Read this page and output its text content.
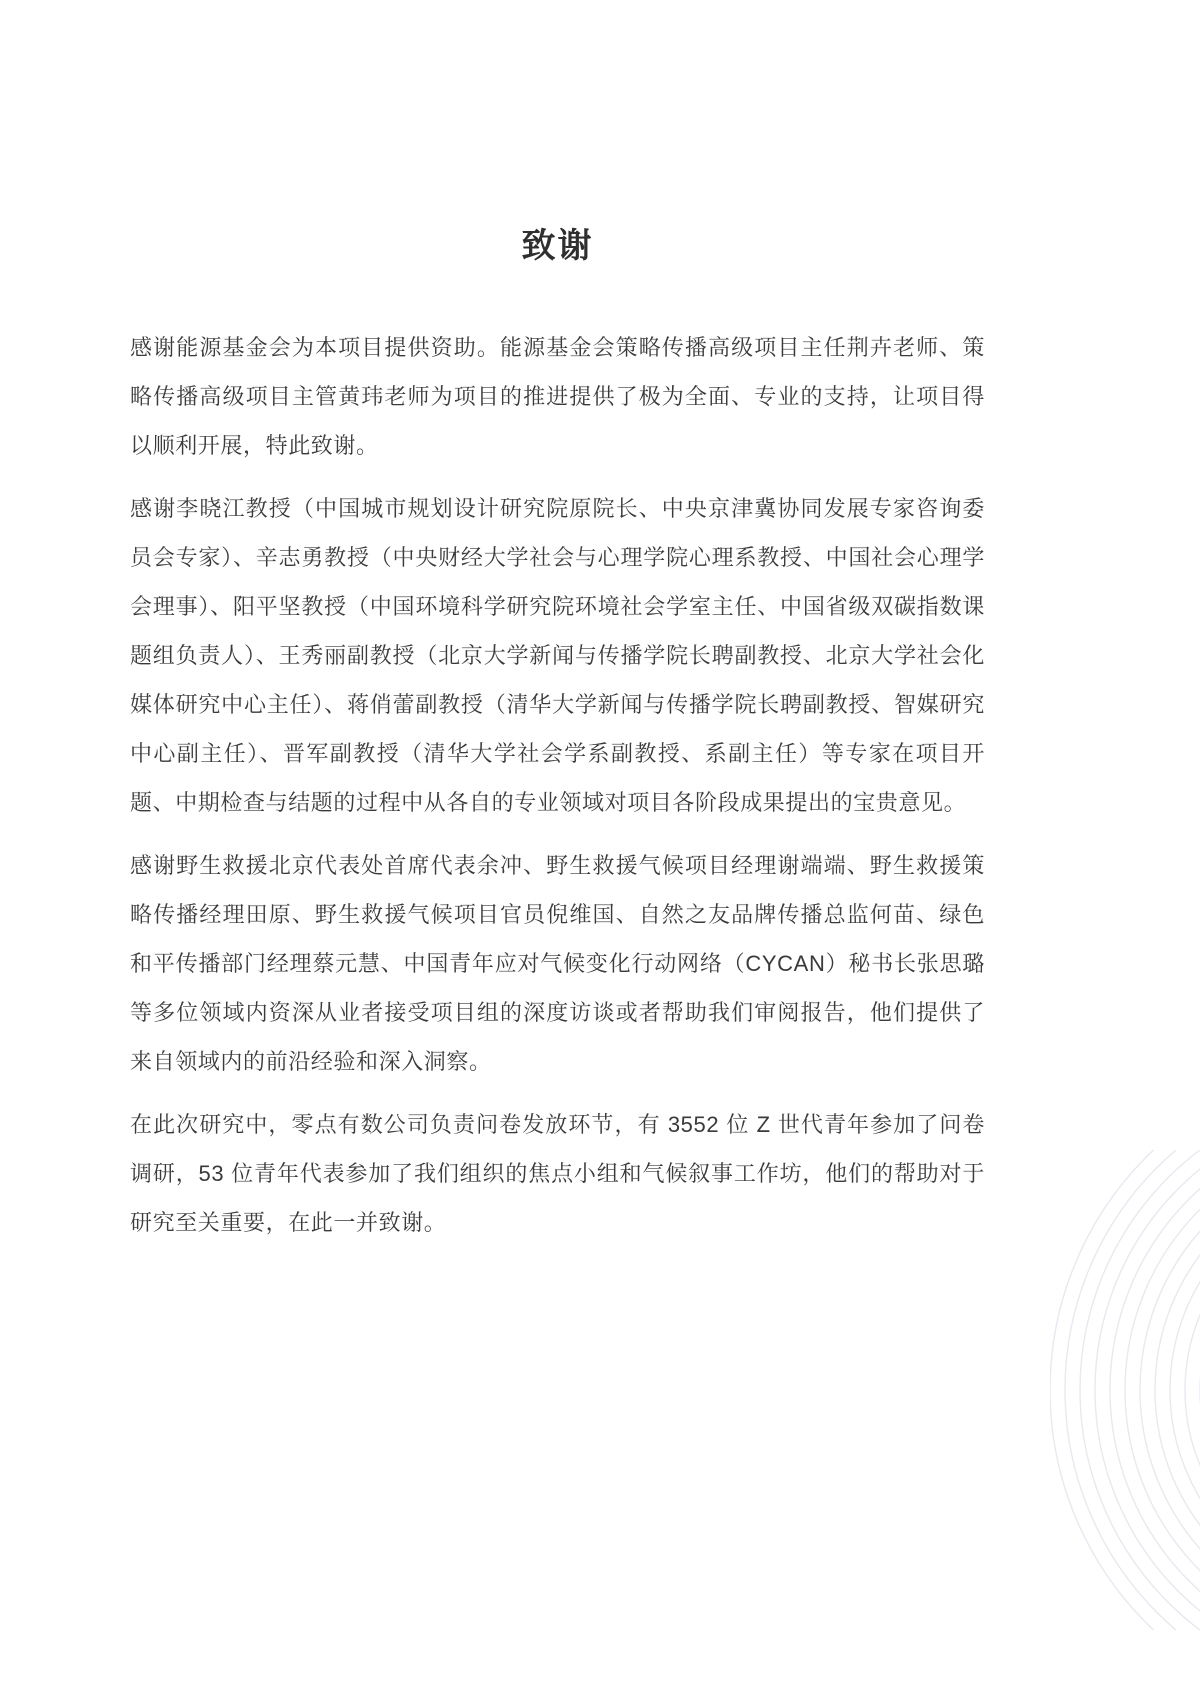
致谢

感谢能源基金会为本项目提供资助。能源基金会策略传播高级项目主任荆卉老师、策略传播高级项目主管黄玮老师为项目的推进提供了极为全面、专业的支持，让项目得以顺利开展，特此致谢。

感谢李晓江教授（中国城市规划设计研究院原院长、中央京津冀协同发展专家咨询委员会专家）、辛志勇教授（中央财经大学社会与心理学院心理系教授、中国社会心理学会理事）、阳平坚教授（中国环境科学研究院环境社会学室主任、中国省级双碳指数课题组负责人）、王秀丽副教授（北京大学新闻与传播学院长聘副教授、北京大学社会化媒体研究中心主任）、蒋俏蕾副教授（清华大学新闻与传播学院长聘副教授、智媒研究中心副主任）、晋军副教授（清华大学社会学系副教授、系副主任）等专家在项目开题、中期检查与结题的过程中从各自的专业领域对项目各阶段成果提出的宝贵意见。

感谢野生救援北京代表处首席代表余冲、野生救援气候项目经理谢端端、野生救援策略传播经理田原、野生救援气候项目官员倪维国、自然之友品牌传播总监何苗、绿色和平传播部门经理蔡元慧、中国青年应对气候变化行动网络（CYCAN）秘书长张思璐等多位领域内资深从业者接受项目组的深度访谈或者帮助我们审阅报告，他们提供了来自领域内的前沿经验和深入洞察。

在此次研究中，零点有数公司负责问卷发放环节，有 3552 位 Z 世代青年参加了问卷调研，53 位青年代表参加了我们组织的焦点小组和气候叙事工作坊，他们的帮助对于研究至关重要，在此一并致谢。
